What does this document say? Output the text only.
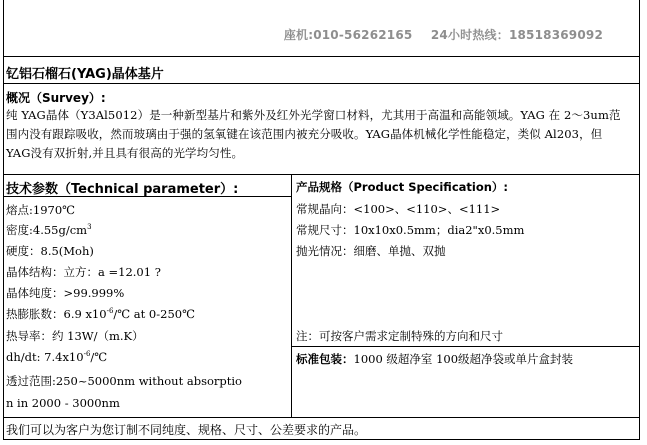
座机:010-56262165 24小时热线：18518369092
钇铝石榴石(YAG)晶体基片
概况（Survey）:
纯 YAG晶体（Y3Al5012）是一种新型基片和紫外及红外光学窗口材料，尤其用于高温和高能领域。YAG 在 2～3um范围内没有跟踪吸收，然而玻璃由于强的氢氧键在该范围内被充分吸收。YAG晶体机械化学性能稳定，类似 Al203，但 YAG没有双折射,并且具有很高的光学均匀性。
技术参数（Technical parameter）:
熔点:1970℃
密度$:4.55g/cm^3$
硬度：8.5(Moh)
晶体结构：立方：a =12.01 ?
晶体纯度：>99.999%
热膨胀数：6.9 $x10^{-6}/℃$ at 0-250℃
热导率：约 13W/（m.K）
dh/dt: $7.4x10^{-6}/℃$
透过范围:250~5000nm without absorptio
n in 2000 - 3000nm
产品规格（Product Specification）:
常规晶向：<100>、<110>、<111>
常规尺寸：10x10x0.5mm；dia2"x0.5mm
抛光情况：细磨、单抛、双抛
注：可按客户需求定制特殊的方向和尺寸
标准包装：1000 级超净室 100级超净袋或单片盒封装
我们可以为客户为您订制不同纯度、规格、尺寸、公差要求的产品。
